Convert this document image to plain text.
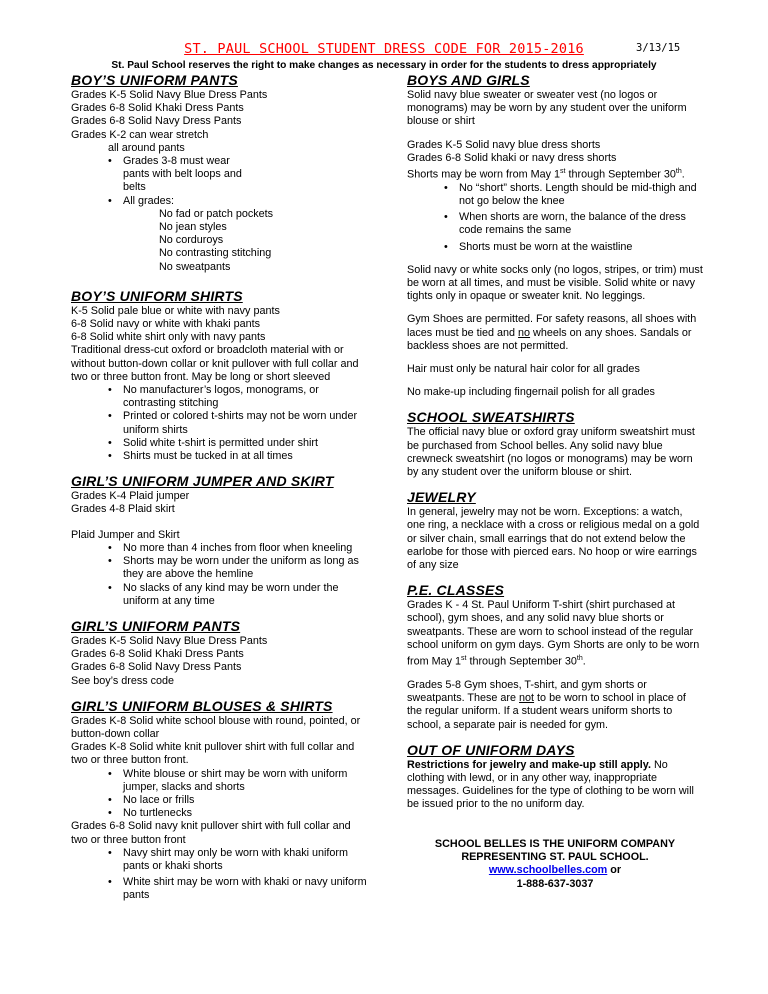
ST. PAUL SCHOOL STUDENT DRESS CODE FOR 2015-2016	3/13/15
St. Paul School reserves the right to make changes as necessary in order for the students to dress appropriately
BOY’S UNIFORM PANTS

Grades K-5 Solid Navy Blue Dress Pants

Grades 6-8 Solid Khaki Dress Pants

Grades 6-8 Solid Navy Dress Pants

Grades K-2 can wear stretch

all around pants

• Grades 3-8 must wear pants with belt loops and belts
• All grades:

No fad or patch pockets

No jean styles

No corduroys

No contrasting stitching

No sweatpants

BOY’S UNIFORM SHIRTS

K-5 Solid pale blue or white with navy pants

6-8 Solid navy or white with khaki pants

6-8 Solid white shirt only with navy pants

Traditional dress-cut oxford or broadcloth material with or without button-down collar or knit pullover with full collar and two or three button front. May be long or short sleeved

• No manufacturer’s logos, monograms, or contrasting stitching
• Printed or colored t-shirts may not be worn under uniform shirts
• Solid white t-shirt is permitted under shirt
• Shirts must be tucked in at all times
GIRL’S UNIFORM JUMPER AND SKIRT

Grades K-4 Plaid jumper

Grades 4-8 Plaid skirt

Plaid Jumper and Skirt

• No more than 4 inches from floor when kneeling
• Shorts may be worn under the uniform as long as they are above the hemline
• No slacks of any kind may be worn under the uniform at any time
GIRL’S UNIFORM PANTS

Grades K-5 Solid Navy Blue Dress Pants

Grades 6-8 Solid Khaki Dress Pants

Grades 6-8 Solid Navy Dress Pants

See boy’s dress code

GIRL’S UNIFORM BLOUSES & SHIRTS

Grades K-8 Solid white school blouse with round, pointed, or button-down collar

Grades K-8 Solid white knit pullover shirt with full collar and two or three button front.

• White blouse or shirt may be worn with uniform jumper, slacks and shorts
• No lace or frills
• No turtlenecks

Grades 6-8 Solid navy knit pullover shirt with full collar and two or three button front

• Navy shirt may only be worn with khaki uniform pants or khaki shorts
• White shirt may be worn with khaki or navy uniform pants
BOYS AND GIRLS

Solid navy blue sweater or sweater vest (no logos or monograms) may be worn by any student over the uniform blouse or shirt

Grades K-5 Solid navy blue dress shorts

Grades 6-8 Solid khaki or navy dress shorts

Shorts may be worn from May 1st through September 30th.

• No “short” shorts. Length should be mid-thigh and not go below the knee
• When shorts are worn, the balance of the dress code remains the same
• Shorts must be worn at the waistline

Solid navy or white socks only (no logos, stripes, or trim) must be worn at all times, and must be visible. Solid white or navy tights only in opaque or sweater knit. No leggings.

Gym Shoes are permitted. For safety reasons, all shoes with laces must be tied and no wheels on any shoes. Sandals or backless shoes are not permitted.

Hair must only be natural hair color for all grades

No make-up including fingernail polish for all grades

SCHOOL SWEATSHIRTS

The official navy blue or oxford gray uniform sweatshirt must be purchased from School belles. Any solid navy blue crewneck sweatshirt (no logos or monograms) may be worn by any student over the uniform blouse or shirt.

JEWELRY

In general, jewelry may not be worn. Exceptions: a watch, one ring, a necklace with a cross or religious medal on a gold or silver chain, small earrings that do not extend below the earlobe for those with pierced ears. No hoop or wire earrings of any size

P.E. CLASSES

Grades K - 4 St. Paul Uniform T-shirt (shirt purchased at school), gym shoes, and any solid navy blue shorts or sweatpants. These are worn to school instead of the regular school uniform on gym days. Gym Shorts are only to be worn from May 1st through September 30th.

Grades 5-8 Gym shoes, T-shirt, and gym shorts or sweatpants. These are not to be worn to school in place of the regular uniform. If a student wears uniform shorts to school, a separate pair is needed for gym.

OUT OF UNIFORM DAYS

Restrictions for jewelry and make-up still apply. No clothing with lewd, or in any other way, inappropriate messages. Guidelines for the type of clothing to be worn will be issued prior to the no uniform day.

SCHOOL BELLES IS THE UNIFORM COMPANY
REPRESENTING ST. PAUL SCHOOL.
www.schoolbelles.com or
1-888-637-3037
